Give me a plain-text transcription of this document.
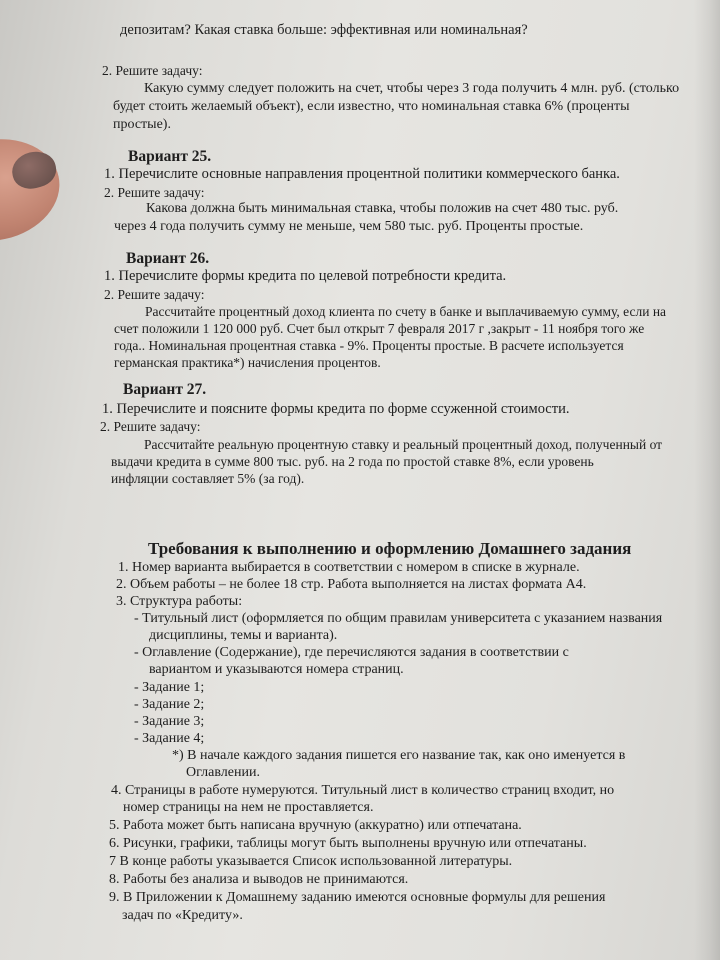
депозитам? Какая ставка больше: эффективная или номинальная?
2. Решите задачу:
Какую сумму следует положить на счет, чтобы через 3 года получить 4 млн. руб. (столько
будет стоить желаемый объект), если известно, что номинальная ставка 6% (проценты
простые).
Вариант 25.
1. Перечислите основные направления процентной политики коммерческого банка.
2. Решите задачу:
Какова должна быть минимальная ставка, чтобы положив на счет 480 тыс. руб.
через 4 года получить сумму не меньше, чем 580 тыс. руб. Проценты простые.
Вариант 26.
1. Перечислите формы кредита по целевой потребности кредита.
2. Решите задачу:
Рассчитайте процентный доход клиента по счету в банке и выплачиваемую сумму, если на
счет положили 1 120 000 руб. Счет был открыт 7 февраля 2017 г ,закрыт - 11 ноября того же
года.. Номинальная процентная ставка - 9%. Проценты простые. В расчете используется
германская практика*) начисления процентов.
Вариант 27.
1. Перечислите и поясните формы кредита по форме ссуженной стоимости.
2. Решите задачу:
Рассчитайте реальную процентную ставку и реальный процентный доход, полученный от
выдачи кредита в сумме 800 тыс. руб. на 2 года по простой ставке 8%, если уровень
инфляции составляет 5% (за год).
Требования к выполнению и оформлению Домашнего задания
1. Номер варианта выбирается в соответствии с номером в списке в журнале.
2. Объем работы – не более 18 стр. Работа выполняется на листах формата А4.
3. Структура работы:
- Титульный лист (оформляется по общим правилам университета с указанием названия
дисциплины, темы и варианта).
- Оглавление (Содержание), где перечисляются задания в соответствии с
вариантом и указываются номера страниц.
- Задание 1;
- Задание 2;
- Задание 3;
- Задание 4;
*) В начале каждого задания пишется его название так, как оно именуется в
Оглавлении.
4. Страницы в работе нумеруются. Титульный лист в количество страниц входит, но
номер страницы на нем не проставляется.
5. Работа может быть написана вручную (аккуратно) или отпечатана.
6. Рисунки, графики, таблицы могут быть выполнены вручную или отпечатаны.
7 В конце работы указывается Список использованной литературы.
8. Работы без анализа и выводов не принимаются.
9. В Приложении к Домашнему заданию имеются основные формулы для решения
задач по «Кредиту».
